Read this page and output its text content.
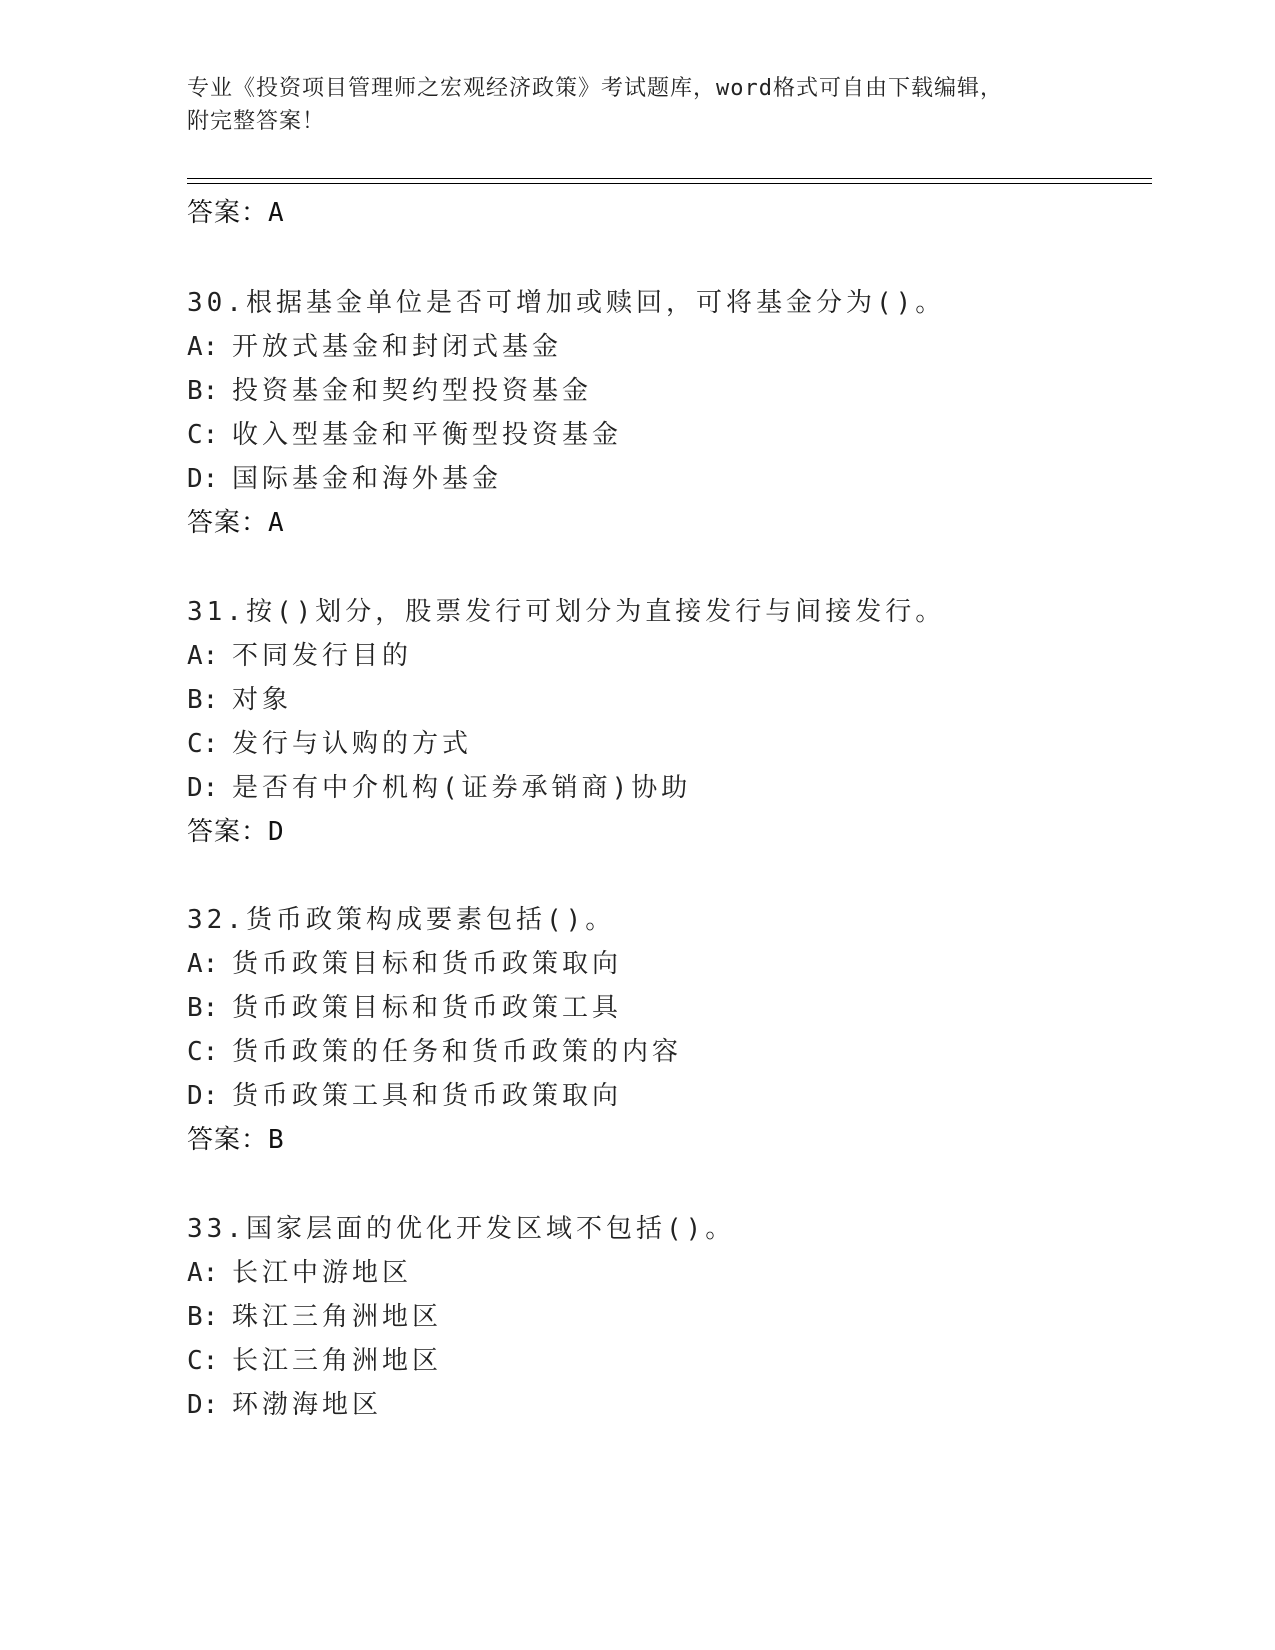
专业《投资项目管理师之宏观经济政策》考试题库，word格式可自由下载编辑，
附完整答案！
答案：A
30.根据基金单位是否可增加或赎回，可将基金分为()。
A: 开放式基金和封闭式基金
B: 投资基金和契约型投资基金
C: 收入型基金和平衡型投资基金
D: 国际基金和海外基金
答案：A
31.按()划分，股票发行可划分为直接发行与间接发行。
A: 不同发行目的
B: 对象
C: 发行与认购的方式
D: 是否有中介机构(证券承销商)协助
答案：D
32.货币政策构成要素包括()。
A: 货币政策目标和货币政策取向
B: 货币政策目标和货币政策工具
C: 货币政策的任务和货币政策的内容
D: 货币政策工具和货币政策取向
答案：B
33.国家层面的优化开发区域不包括()。
A: 长江中游地区
B: 珠江三角洲地区
C: 长江三角洲地区
D: 环渤海地区
